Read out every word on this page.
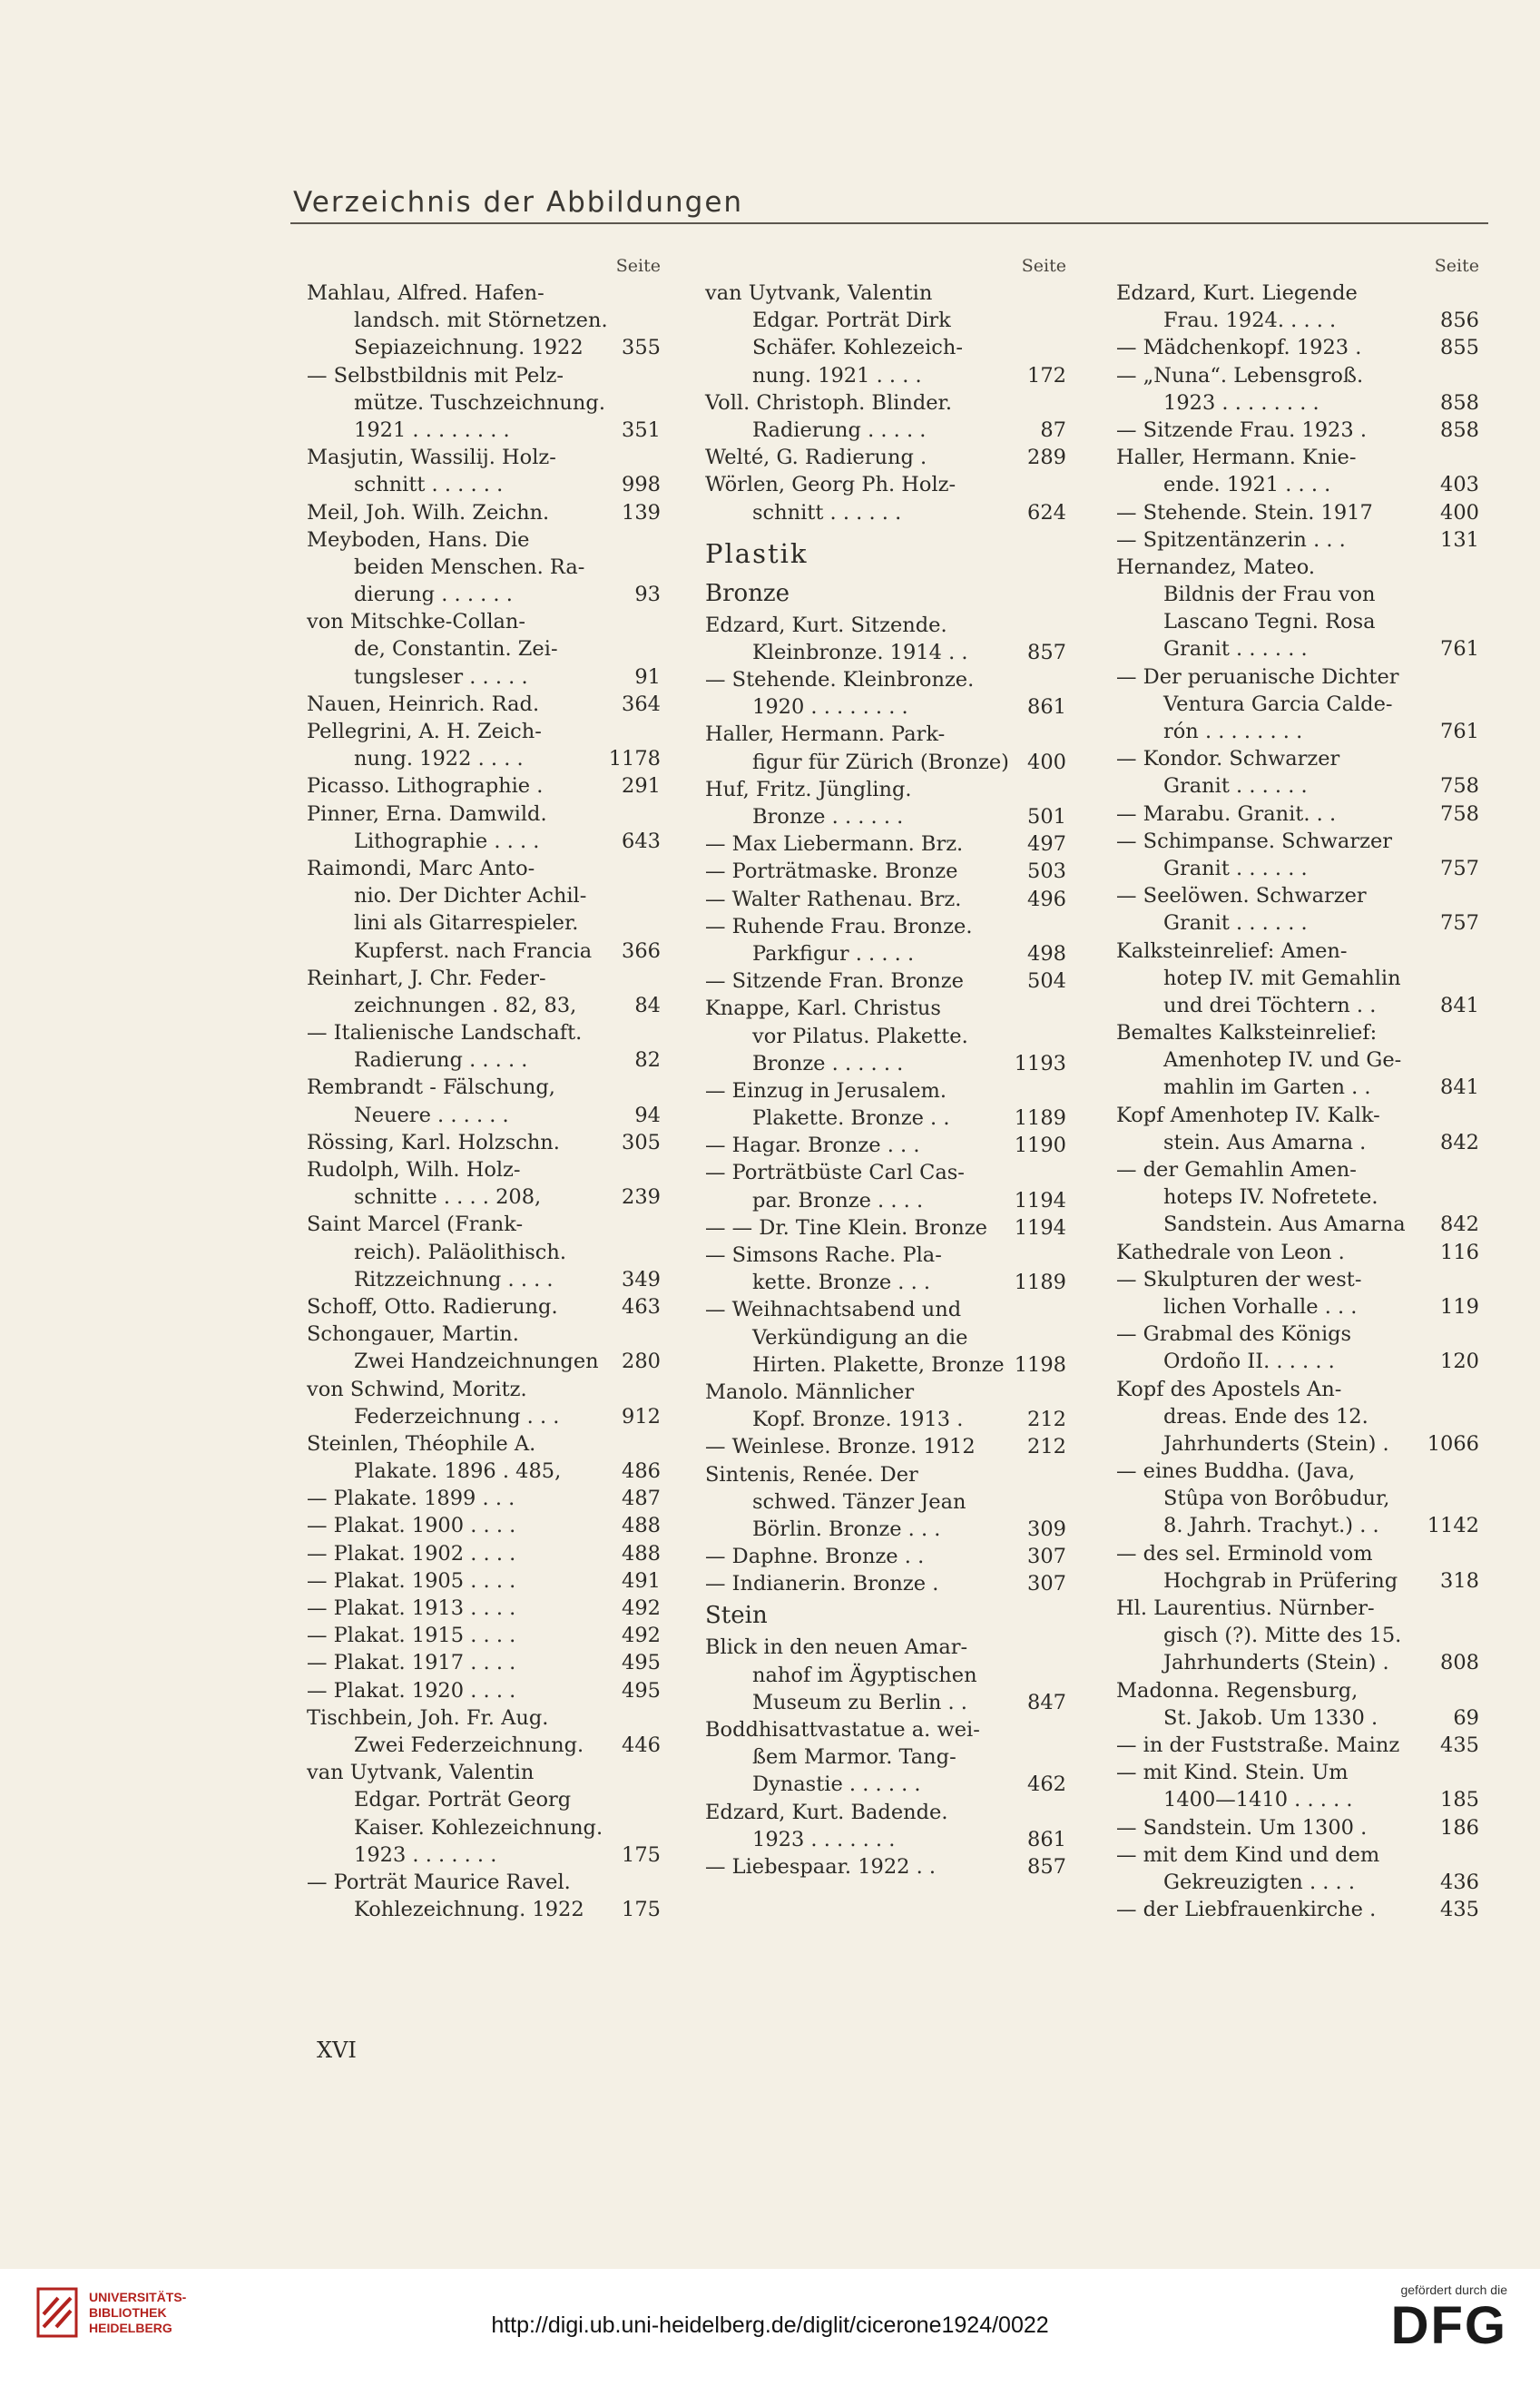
Verzeichnis der Abbildungen
Seite
Mahlau, Alfred. Hafen-
landsch. mit Störnetzen.
Sepiazeichnung. 1922 355
— Selbstbildnis mit Pelz-
mütze. Tuschzeichnung.
1921 . . . . . . . .	351
Masjutin, Wassilij. Holz-
schnitt . . . . . .	998
Meil, Joh. Wilh. Zeichn.	139
Meyboden, Hans. Die
beiden Menschen. Ra-
dierung . . . . . .	93
von Mitschke-Collan-
de, Constantin. Zei-
tungsleser . . . . .	91
Nauen, Heinrich. Rad.	364
Pellegrini, A. H. Zeich-
nung. 1922 . . . .	1178
Picasso. Lithographie .	291
Pinner, Erna. Damwild.
Lithographie . . . .	643
Raimondi, Marc Anto-
nio. Der Dichter Achil-
lini als Gitarrespieler.
Kupferst. nach Francia 366
Reinhart, J. Chr. Feder-
zeichnungen . 82, 83,	84
— Italienische Landschaft.
Radierung . . . . .	82
Rembrandt - Fälschung,
Neuere . . . . . .	94
Rössing, Karl. Holzschn.	305
Rudolph, Wilh. Holz-
schnitte . . . . 208,	239
Saint Marcel (Frank-
reich). Paläolithisch.
Ritzzeichnung . . . .	349
Schoff, Otto. Radierung.	463
Schongauer, Martin.
Zwei Handzeichnungen 280
von Schwind, Moritz.
Federzeichnung . . .	912
Steinlen, Théophile A.
Plakate. 1896 . 485,	486
— Plakate. 1899 . . .	487
— Plakat. 1900 . . . .	488
— Plakat. 1902 . . . .	488
— Plakat. 1905 . . . .	491
— Plakat. 1913 . . . .	492
— Plakat. 1915 . . . .	492
— Plakat. 1917 . . . .	495
— Plakat. 1920 . . . .	495
Tischbein, Joh. Fr. Aug.
Zwei Federzeichnung. 446
van Uytvank, Valentin
Edgar. Porträt Georg
Kaiser. Kohlezeichnung.
1923 . . . . . . .	175
— Porträt Maurice Ravel.
Kohlezeichnung. 1922 175
Seite
van Uytvank, Valentin
Edgar. Porträt Dirk
Schäfer. Kohlezeich-
nung. 1921 . . . .	172
Voll. Christoph. Blinder.
Radierung . . . . .	87
Welté, G. Radierung .	289
Wörlen, Georg Ph. Holz-
schnitt . . . . . .	624
Plastik
Bronze
Edzard, Kurt. Sitzende.
Kleinbronze. 1914 . .	857
— Stehende. Kleinbronze.
1920 . . . . . . . .	861
Haller, Hermann. Park-
figur für Zürich (Bronze) 400
Huf, Fritz. Jüngling.
Bronze . . . . . .	501
— Max Liebermann. Brz.	497
— Porträtmaske. Bronze	503
— Walter Rathenau. Brz.	496
— Ruhende Frau. Bronze.
Parkfigur . . . . .	498
— Sitzende Fran. Bronze	504
Knappe, Karl. Christus
vor Pilatus. Plakette.
Bronze . . . . . .	1193
— Einzug in Jerusalem.
Plakette. Bronze . .	1189
— Hagar. Bronze . . .	1190
— Porträtbüste Carl Cas-
par. Bronze . . . .	1194
— — Dr. Tine Klein. Bronze 1194
— Simsons Rache. Pla-
kette. Bronze . . .	1189
— Weihnachtsabend und
Verkündigung an die
Hirten. Plakette, Bronze 1198
Manolo. Männlicher
Kopf. Bronze. 1913 .	212
— Weinlese. Bronze. 1912	212
Sintenis, Renée. Der
schwed. Tänzer Jean
Börlin. Bronze . . .	309
— Daphne. Bronze . .	307
— Indianerin. Bronze .	307
Stein
Blick in den neuen Amar-
nahof im Ägyptischen
Museum zu Berlin . .	847
Boddhisattvastatue a. wei-
ßem Marmor. Tang-
Dynastie . . . . . .	462
Edzard, Kurt. Badende.
1923 . . . . . . .	861
— Liebespaar. 1922 . .	857
Seite
Edzard, Kurt. Liegende
Frau. 1924. . . . .	856
— Mädchenkopf. 1923 .	855
— „Nuna“. Lebensgroß.
1923 . . . . . . . .	858
— Sitzende Frau. 1923 .	858
Haller, Hermann. Knie-
ende. 1921 . . . .	403
— Stehende. Stein. 1917	400
— Spitzentänzerin . . .	131
Hernandez, Mateo.
Bildnis der Frau von
Lascano Tegni. Rosa
Granit . . . . . .	761
— Der peruanische Dichter
Ventura Garcia Calde-
rón . . . . . . . .	761
— Kondor. Schwarzer
Granit . . . . . .	758
— Marabu. Granit. . .	758
— Schimpanse. Schwarzer
Granit . . . . . .	757
— Seelöwen. Schwarzer
Granit . . . . . .	757
Kalksteinrelief: Amen-
hotep IV. mit Gemahlin
und drei Töchtern . .	841
Bemaltes Kalksteinrelief:
Amenhotep IV. und Ge-
mahlin im Garten . .	841
Kopf Amenhotep IV. Kalk-
stein. Aus Amarna .	842
— der Gemahlin Amen-
hoteps IV. Nofretete.
Sandstein. Aus Amarna 842
Kathedrale von Leon .	116
— Skulpturen der west-
lichen Vorhalle . . .	119
— Grabmal des Königs
Ordoño II. . . . . .	120
Kopf des Apostels An-
dreas. Ende des 12.
Jahrhunderts (Stein) . 1066
— eines Buddha. (Java,
Stûpa von Borôbudur,
8. Jahrh. Trachyt.) . . 1142
— des sel. Erminold vom
Hochgrab in Prüfering 318
Hl. Laurentius. Nürnber-
gisch (?). Mitte des 15.
Jahrhunderts (Stein) .	808
Madonna. Regensburg,
St. Jakob. Um 1330 .	69
— in der Fuststraße. Mainz 435
— mit Kind. Stein. Um
1400—1410 . . . . .	185
— Sandstein. Um 1300 .	186
— mit dem Kind und dem
Gekreuzigten . . . .	436
— der Liebfrauenkirche .	435
XVI
UNIVERSITÄTS-
BIBLIOTHEK
HEIDELBERG	http://digi.ub.uni-heidelberg.de/diglit/cicerone1924/0022
gefördert durch die
DFG
